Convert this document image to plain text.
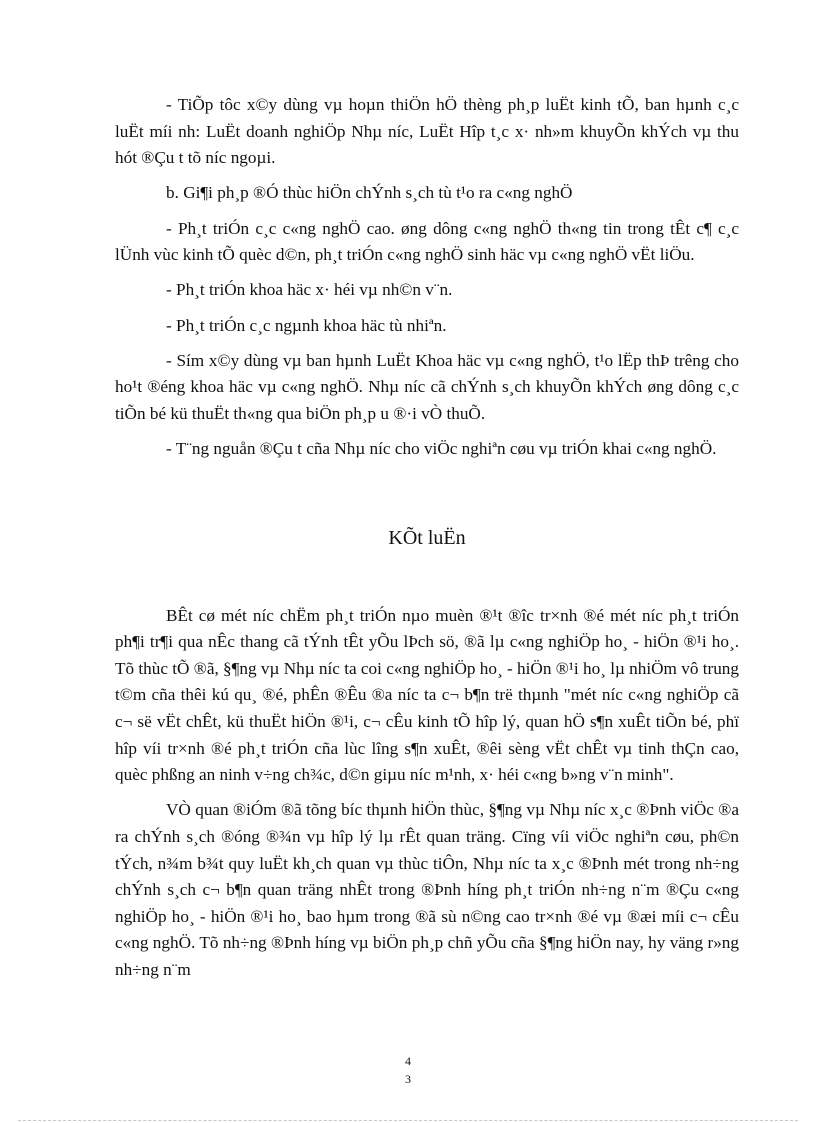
- TiÕp tôc x©y dùng vµ hoµn thiÖn hÖ thèng ph¸p luËt kinh tÕ, ban hµnh c¸c luËt míi nh: LuËt doanh nghiÖp Nhµ níc, LuËt Hîp t¸c x· nh»m khuyÕn khÝch vµ thu hót ®Çu t tõ níc ngoµi.

b. Gi¶i ph¸p ®Ó thùc hiÖn chÝnh s¸ch tù t¹o ra c«ng nghÖ

- Ph¸t triÓn c¸c c«ng nghÖ cao. øng dông c«ng nghÖ th«ng tin trong tÊt c¶ c¸c lÜnh vùc kinh tÕ quèc d©n, ph¸t triÓn c«ng nghÖ sinh häc vµ c«ng nghÖ vËt liÖu.

- Ph¸t triÓn khoa häc x· héi vµ nh©n v¨n.

- Ph¸t triÓn c¸c ngµnh khoa häc tù nhiªn.

- Sím x©y dùng vµ ban hµnh LuËt Khoa häc vµ c«ng nghÖ, t¹o lËp thÞ trêng cho ho¹t ®éng khoa häc vµ c«ng nghÖ. Nhµ níc cã chÝnh s¸ch khuyÕn khÝch øng dông c¸c tiÕn bé kü thuËt th«ng qua biÖn ph¸p u ®·i vÒ thuÕ.

- T¨ng nguån ®Çu t cña Nhµ níc cho viÖc nghiªn cøu vµ triÓn khai c«ng nghÖ.

KÕt luËn

BÊt cø mét níc chËm ph¸t triÓn nµo muèn ®¹t ®îc tr×nh ®é mét níc ph¸t triÓn ph¶i tr¶i qua nÊc thang cã tÝnh tÊt yÕu lÞch sö, ®ã lµ c«ng nghiÖp ho¸ - hiÖn ®¹i ho¸. Tõ thùc tÕ ®ã, §¶ng vµ Nhµ níc ta coi c«ng nghiÖp ho¸ - hiÖn ®¹i ho¸ lµ nhiÖm vô trung t©m cña thêi kú qu¸ ®é, phÊn ®Êu ®a níc ta c¬ b¶n trë thµnh "mét níc c«ng nghiÖp cã c¬ së vËt chÊt, kü thuËt hiÖn ®¹i, c¬ cÊu kinh tÕ hîp lý, quan hÖ s¶n xuÊt tiÕn bé, phï hîp víi tr×nh ®é ph¸t triÓn cña lùc lîng s¶n xuÊt, ®êi sèng vËt chÊt vµ tinh thÇn cao, quèc phßng an ninh v÷ng ch¾c, d©n giµu níc m¹nh, x· héi c«ng b»ng v¨n minh".

VÒ quan ®iÓm ®ã tõng bíc thµnh hiÖn thùc, §¶ng vµ Nhµ níc x¸c ®Þnh viÖc ®a ra chÝnh s¸ch ®óng ®¾n vµ hîp lý lµ rÊt quan träng. Cïng víi viÖc nghiªn cøu, ph©n tÝch, n¾m b¾t quy luËt kh¸ch quan vµ thùc tiÔn, Nhµ níc ta x¸c ®Þnh mét trong nh÷ng chÝnh s¸ch c¬ b¶n quan träng nhÊt trong ®Þnh híng ph¸t triÓn nh÷ng n¨m ®Çu c«ng nghiÖp ho¸ - hiÖn ®¹i ho¸ bao hµm trong ®ã sù n©ng cao tr×nh ®é vµ ®æi míi c¬ cÊu c«ng nghÖ. Tõ nh÷ng ®Þnh híng vµ biÖn ph¸p chñ yÕu cña §¶ng hiÖn nay, hy väng r»ng nh÷ng n¨m

4
3
